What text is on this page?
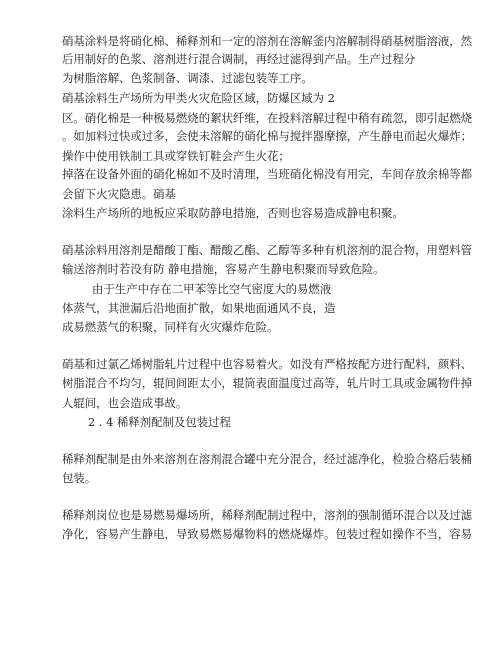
硝基涂料是将硝化棉、稀释剂和一定的溶剂在溶解釜内溶解制得硝基树脂溶液，然

后用制好的色浆、溶剂进行混合调制，再经过滤得到产品。生产过程分

为树脂溶解、色浆制备、调漆、过滤包装等工序。

硝基涂料生产场所为甲类火灾危险区域，防爆区域为 2

区。硝化棉是一种极易燃烧的絮状纤维，在投料溶解过程中稍有疏忽，即引起燃烧

。如加料过快或过多，会使未溶解的硝化棉与搅拌器摩擦，产生静电而起火爆炸；

操作中使用铁制工具或穿铁钉鞋会产生火花；

掉落在设备外面的硝化棉如不及时清理，当班硝化棉没有用完，车间存放余棉等都

会留下火灾隐患。硝基

涂料生产场所的地板应采取防静电措施，否则也容易造成静电积聚。

硝基涂料用溶剂是醋酸丁酯、醋酸乙酯、乙醇等多种有机溶剂的混合物，用塑料管

输送溶剂时若没有防 静电措施，容易产生静电积聚而导致危险。

由于生产中存在二甲苯等比空气密度大的易燃液

体蒸气，其泄漏后沿地面扩散，如果地面通风不良，造

成易燃蒸气的积聚，同样有火灾爆炸危险。

硝基和过氯乙烯树脂轧片过程中也容易着火。如没有严格按配方进行配料，颜料、

树脂混合不均匀，辊间间距太小，辊筒表面温度过高等，轧片时工具或金属物件掉

人辊间，也会造成事故。

2 . 4 稀释剂配制及包装过程

稀释剂配制是由外来溶剂在溶剂混合罐中充分混合，经过滤净化，检验合格后装桶

包装。

稀释剂岗位也是易燃易爆场所，稀释剂配制过程中，溶剂的强制循环混合以及过滤

净化，容易产生静电，导致易燃易爆物料的燃烧爆炸。包装过程如操作不当，容易
